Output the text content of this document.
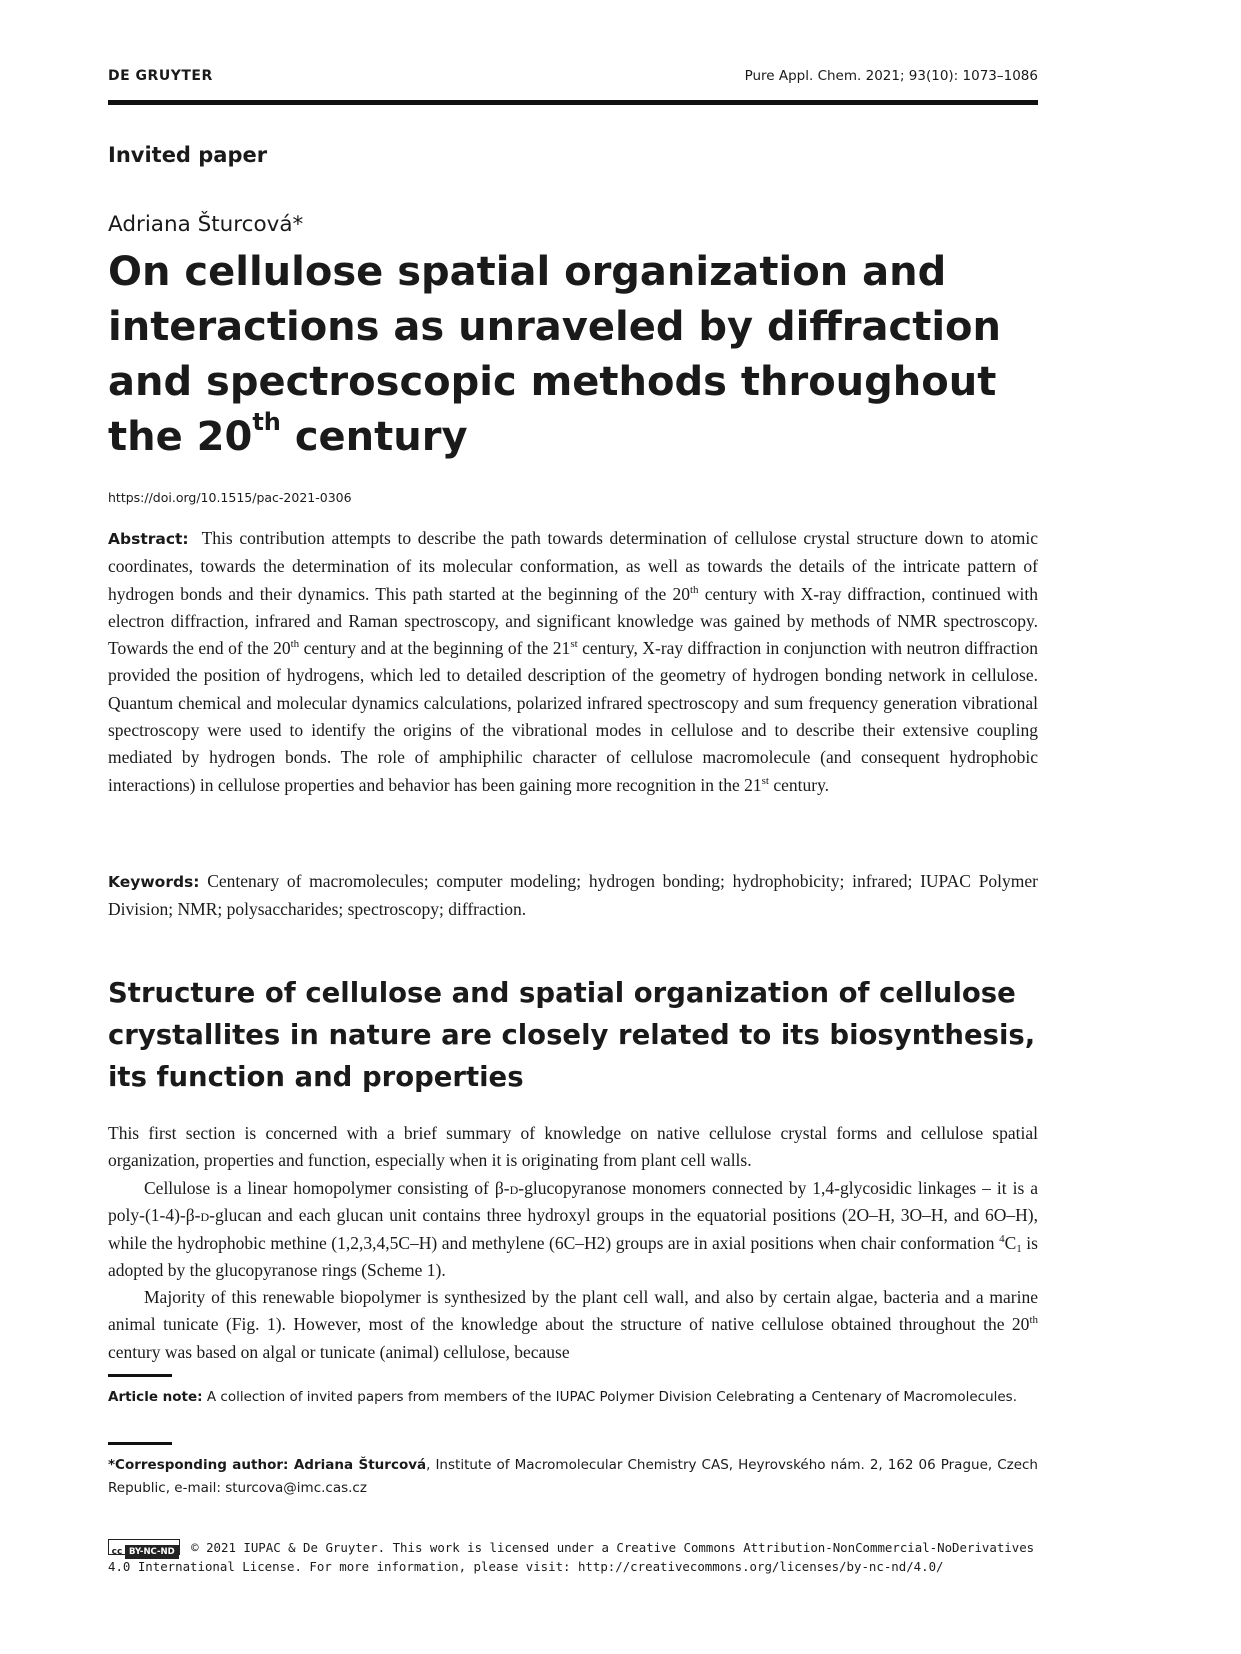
DE GRUYTER	Pure Appl. Chem. 2021; 93(10): 1073–1086
Invited paper
Adriana Šturcová*
On cellulose spatial organization and interactions as unraveled by diffraction and spectroscopic methods throughout the 20th century
https://doi.org/10.1515/pac-2021-0306

Abstract: This contribution attempts to describe the path towards determination of cellulose crystal structure down to atomic coordinates, towards the determination of its molecular conformation, as well as towards the details of the intricate pattern of hydrogen bonds and their dynamics. This path started at the beginning of the 20th century with X-ray diffraction, continued with electron diffraction, infrared and Raman spectroscopy, and significant knowledge was gained by methods of NMR spectroscopy. Towards the end of the 20th century and at the beginning of the 21st century, X-ray diffraction in conjunction with neutron diffraction provided the position of hydrogens, which led to detailed description of the geometry of hydrogen bonding network in cellulose. Quantum chemical and molecular dynamics calculations, polarized infrared spectroscopy and sum frequency generation vibrational spectroscopy were used to identify the origins of the vibrational modes in cellulose and to describe their extensive coupling mediated by hydrogen bonds. The role of amphiphilic character of cellulose macromolecule (and consequent hydrophobic interactions) in cellulose properties and behavior has been gaining more recognition in the 21st century.

Keywords: Centenary of macromolecules; computer modeling; hydrogen bonding; hydrophobicity; infrared; IUPAC Polymer Division; NMR; polysaccharides; spectroscopy; diffraction.

Structure of cellulose and spatial organization of cellulose crystallites in nature are closely related to its biosynthesis, its function and properties

This first section is concerned with a brief summary of knowledge on native cellulose crystal forms and cellulose spatial organization, properties and function, especially when it is originating from plant cell walls.

Cellulose is a linear homopolymer consisting of β-d-glucopyranose monomers connected by 1,4-glycosidic linkages – it is a poly-(1-4)-β-d-glucan and each glucan unit contains three hydroxyl groups in the equatorial positions (2O–H, 3O–H, and 6O–H), while the hydrophobic methine (1,2,3,4,5C–H) and methylene (6C–H2) groups are in axial positions when chair conformation $^4C_1$ is adopted by the glucopyranose rings (Scheme 1).

Majority of this renewable biopolymer is synthesized by the plant cell wall, and also by certain algae, bacteria and a marine animal tunicate (Fig. 1). However, most of the knowledge about the structure of native cellulose obtained throughout the 20th century was based on algal or tunicate (animal) cellulose, because

Article note: A collection of invited papers from members of the IUPAC Polymer Division Celebrating a Centenary of Macromolecules.

*Corresponding author: Adriana Šturcová, Institute of Macromolecular Chemistry CAS, Heyrovského nám. 2, 162 06 Prague, Czech Republic, e-mail: sturcova@imc.cas.cz

cc BY-NC-ND © 2021 IUPAC & De Gruyter. This work is licensed under a Creative Commons Attribution-NonCommercial-NoDerivatives 4.0 International License. For more information, please visit: http://creativecommons.org/licenses/by-nc-nd/4.0/
